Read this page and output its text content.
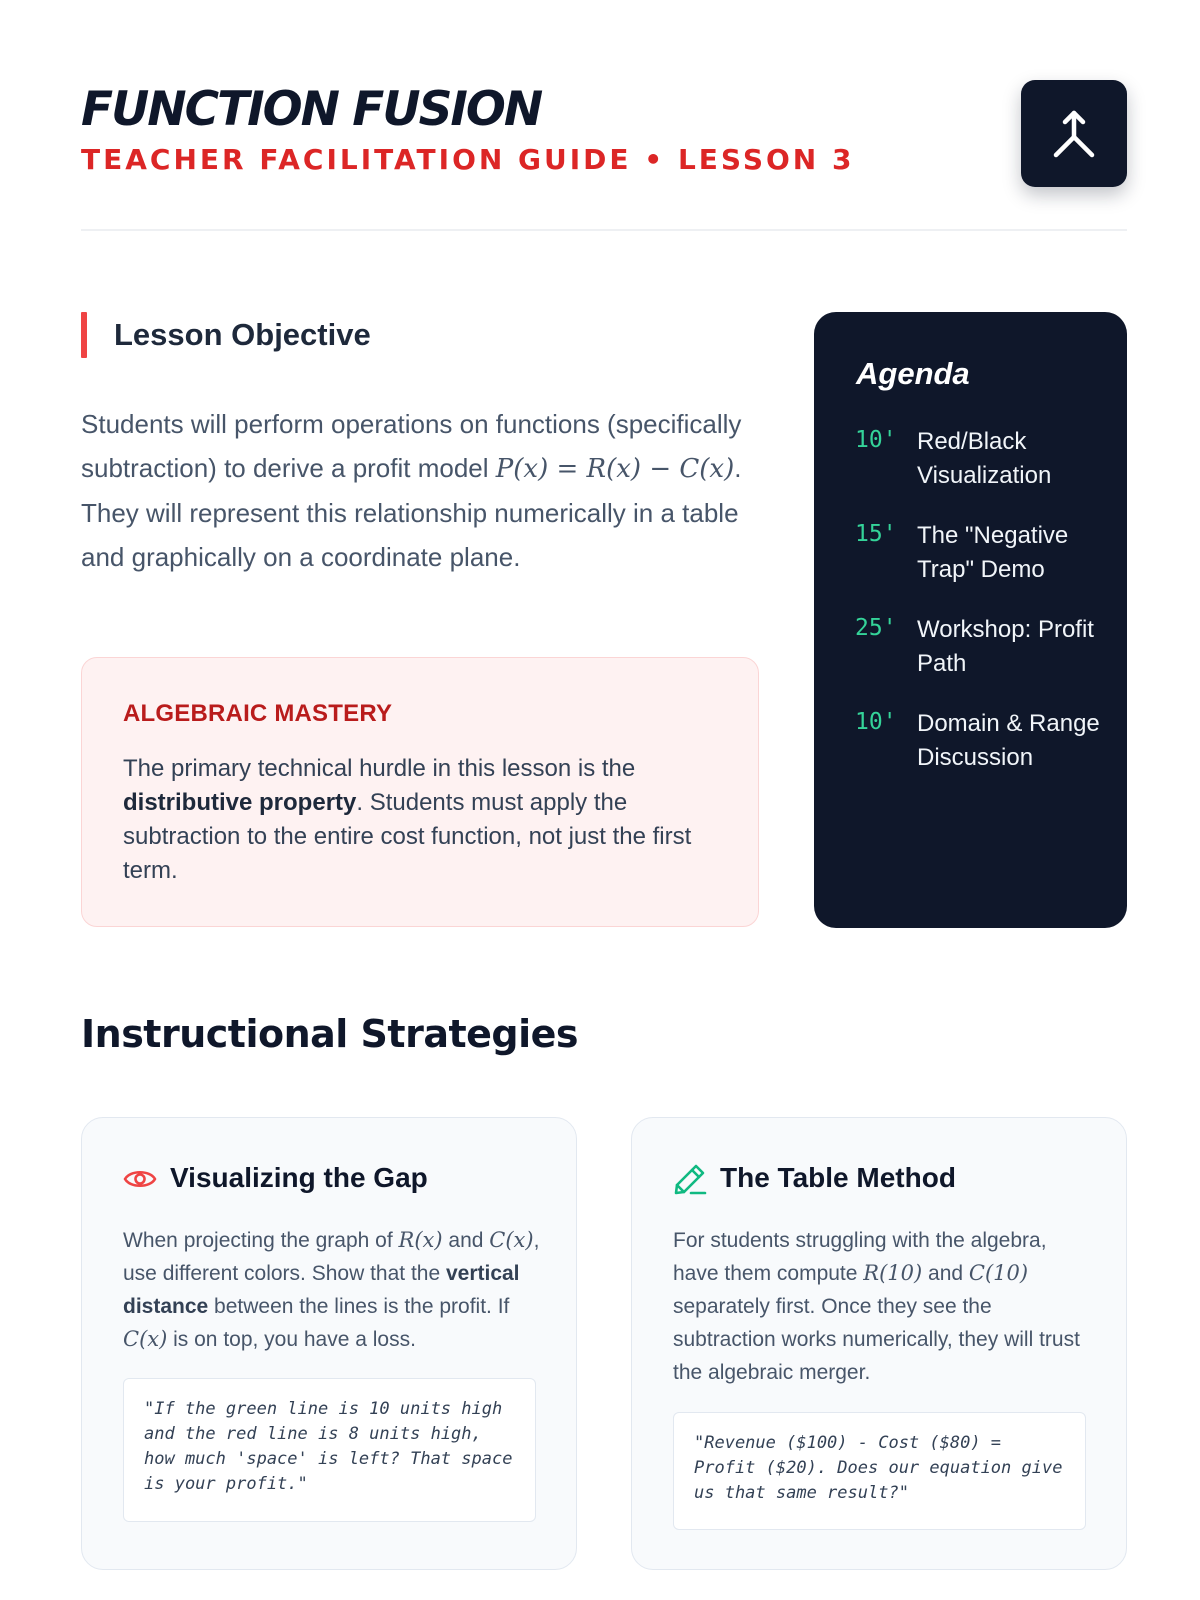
FUNCTION FUSION
TEACHER FACILITATION GUIDE • LESSON 3
Lesson Objective

Students will perform operations on functions (specifically subtraction) to derive a profit model P(x) = R(x) − C(x). They will represent this relationship numerically in a table and graphically on a coordinate plane.

ALGEBRAIC MASTERY

The primary technical hurdle in this lesson is the distributive property. Students must apply the subtraction to the entire cost function, not just the first term.

Agenda
10' Red/Black Visualization
15' The "Negative Trap" Demo
25' Workshop: Profit Path
10' Domain & Range Discussion
Instructional Strategies
Visualizing the Gap

When projecting the graph of R(x) and C(x), use different colors. Show that the vertical distance between the lines is the profit. If C(x) is on top, you have a loss.

"If the green line is 10 units high and the red line is 8 units high, how much 'space' is left? That space is your profit."
The Table Method

For students struggling with the algebra, have them compute R(10) and C(10) separately first. Once they see the subtraction works numerically, they will trust the algebraic merger.

"Revenue ($100) - Cost ($80) = Profit ($20). Does our equation give us that same result?"
